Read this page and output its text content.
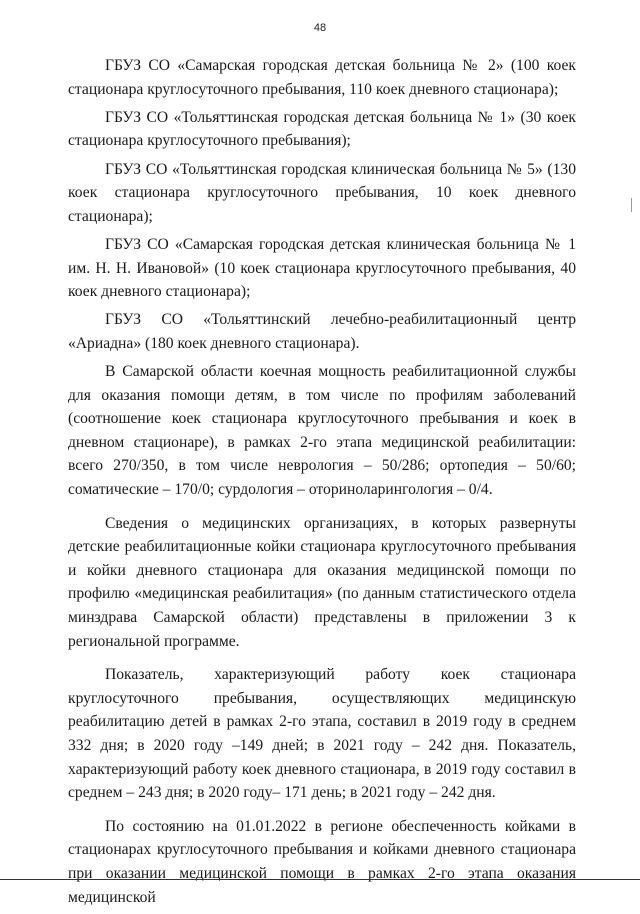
48

ГБУЗ СО «Самарская городская детская больница № 2» (100 коек стационара круглосуточного пребывания, 110 коек дневного стационара);

ГБУЗ СО «Тольяттинская городская детская больница № 1» (30 коек стационара круглосуточного пребывания);

ГБУЗ СО «Тольяттинская городская клиническая больница № 5» (130 коек стационара круглосуточного пребывания, 10 коек дневного стационара);

ГБУЗ СО «Самарская городская детская клиническая больница № 1 им. Н. Н. Ивановой» (10 коек стационара круглосуточного пребывания, 40 коек дневного стационара);

ГБУЗ СО «Тольяттинский лечебно-реабилитационный центр «Ариадна» (180 коек дневного стационара).

В Самарской области коечная мощность реабилитационной службы для оказания помощи детям, в том числе по профилям заболеваний (соотношение коек стационара круглосуточного пребывания и коек в дневном стационаре), в рамках 2-го этапа медицинской реабилитации: всего 270/350, в том числе неврология – 50/286; ортопедия – 50/60; соматические – 170/0; сурдология – оториноларингология – 0/4.

Сведения о медицинских организациях, в которых развернуты детские реабилитационные койки стационара круглосуточного пребывания и койки дневного стационара для оказания медицинской помощи по профилю «медицинская реабилитация» (по данным статистического отдела минздрава Самарской области) представлены в приложении 3 к региональной программе.

Показатель, характеризующий работу коек стационара круглосуточного пребывания, осуществляющих медицинскую реабилитацию детей в рамках 2-го этапа, составил в 2019 году в среднем 332 дня; в 2020 году –149 дней; в 2021 году – 242 дня. Показатель, характеризующий работу коек дневного стационара, в 2019 году составил в среднем – 243 дня; в 2020 году– 171 день; в 2021 году – 242 дня.

По состоянию на 01.01.2022 в регионе обеспеченность койками в стационарах круглосуточного пребывания и койками дневного стационара при оказании медицинской помощи в рамках 2-го этапа оказания медицинской
